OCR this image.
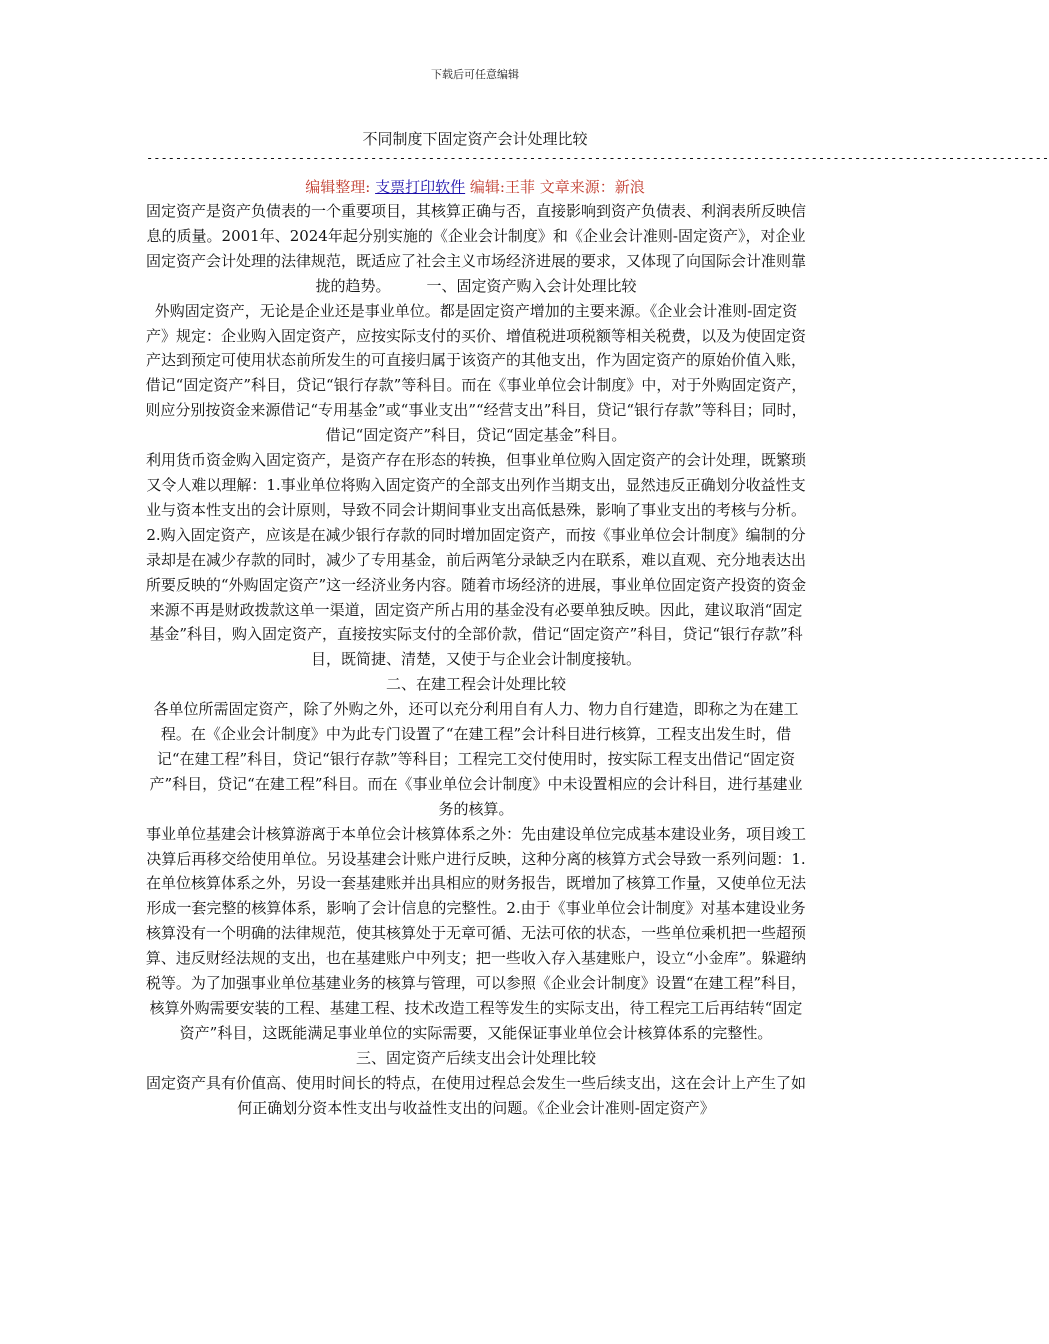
下载后可任意编辑
不同制度下固定资产会计处理比较
-----------------------------------------------------------------------------------------------------------------------------
编辑整理: 支票打印软件 编辑:王菲 文章来源：新浪

固定资产是资产负债表的一个重要项目，其核算正确与否，直接影响到资产负债表、利润表所反映信息的质量。2001年、2024年起分别实施的《企业会计制度》和《企业会计准则-固定资产》，对企业固定资产会计处理的法律规范，既适应了社会主义市场经济进展的要求，又体现了向国际会计准则靠拢的趋势。 一、固定资产购入会计处理比较

外购固定资产，无论是企业还是事业单位。都是固定资产增加的主要来源。《企业会计准则-固定资产》规定：企业购入固定资产，应按实际支付的买价、增值税进项税额等相关税费，以及为使固定资产达到预定可使用状态前所发生的可直接归属于该资产的其他支出，作为固定资产的原始价值入账，借记“固定资产”科目，贷记“银行存款”等科目。而在《事业单位会计制度》中，对于外购固定资产，则应分别按资金来源借记“专用基金”或“事业支出”“经营支出”科目，贷记“银行存款”等科目；同时，借记“固定资产”科目，贷记“固定基金”科目。

利用货币资金购入固定资产，是资产存在形态的转换，但事业单位购入固定资产的会计处理，既繁琐又令人难以理解：1.事业单位将购入固定资产的全部支出列作当期支出，显然违反正确划分收益性支业与资本性支出的会计原则，导致不同会计期间事业支出高低悬殊，影响了事业支出的考核与分析。2.购入固定资产，应该是在减少银行存款的同时增加固定资产，而按《事业单位会计制度》编制的分录却是在减少存款的同时，减少了专用基金，前后两笔分录缺乏内在联系，难以直观、充分地表达出所要反映的“外购固定资产”这一经济业务内容。随着市场经济的进展，事业单位固定资产投资的资金来源不再是财政拨款这单一渠道，固定资产所占用的基金没有必要单独反映。因此，建议取消“固定基金”科目，购入固定资产，直接按实际支付的全部价款，借记“固定资产”科目，贷记“银行存款”科目，既简捷、清楚，又使于与企业会计制度接轨。

二、在建工程会计处理比较

各单位所需固定资产，除了外购之外，还可以充分利用自有人力、物力自行建造，即称之为在建工程。在《企业会计制度》中为此专门设置了“在建工程”会计科目进行核算，工程支出发生时，借记“在建工程”科目，贷记“银行存款”等科目；工程完工交付使用时，按实际工程支出借记“固定资产”科目，贷记“在建工程”科目。而在《事业单位会计制度》中未设置相应的会计科目，进行基建业务的核算。

事业单位基建会计核算游离于本单位会计核算体系之外：先由建设单位完成基本建设业务，项目竣工决算后再移交给使用单位。另设基建会计账户进行反映，这种分离的核算方式会导致一系列问题：1.在单位核算体系之外，另设一套基建账并出具相应的财务报告，既增加了核算工作量，又使单位无法形成一套完整的核算体系，影响了会计信息的完整性。2.由于《事业单位会计制度》对基本建设业务核算没有一个明确的法律规范，使其核算处于无章可循、无法可依的状态，一些单位乘机把一些超预算、违反财经法规的支出，也在基建账户中列支；把一些收入存入基建账户，设立“小金库”。躲避纳税等。为了加强事业单位基建业务的核算与管理，可以参照《企业会计制度》设置“在建工程”科目，核算外购需要安装的工程、基建工程、技术改造工程等发生的实际支出，待工程完工后再结转“固定资产”科目，这既能满足事业单位的实际需要，又能保证事业单位会计核算体系的完整性。

三、固定资产后续支出会计处理比较

固定资产具有价值高、使用时间长的特点，在使用过程总会发生一些后续支出，这在会计上产生了如何正确划分资本性支出与收益性支出的问题。《企业会计准则-固定资产》
